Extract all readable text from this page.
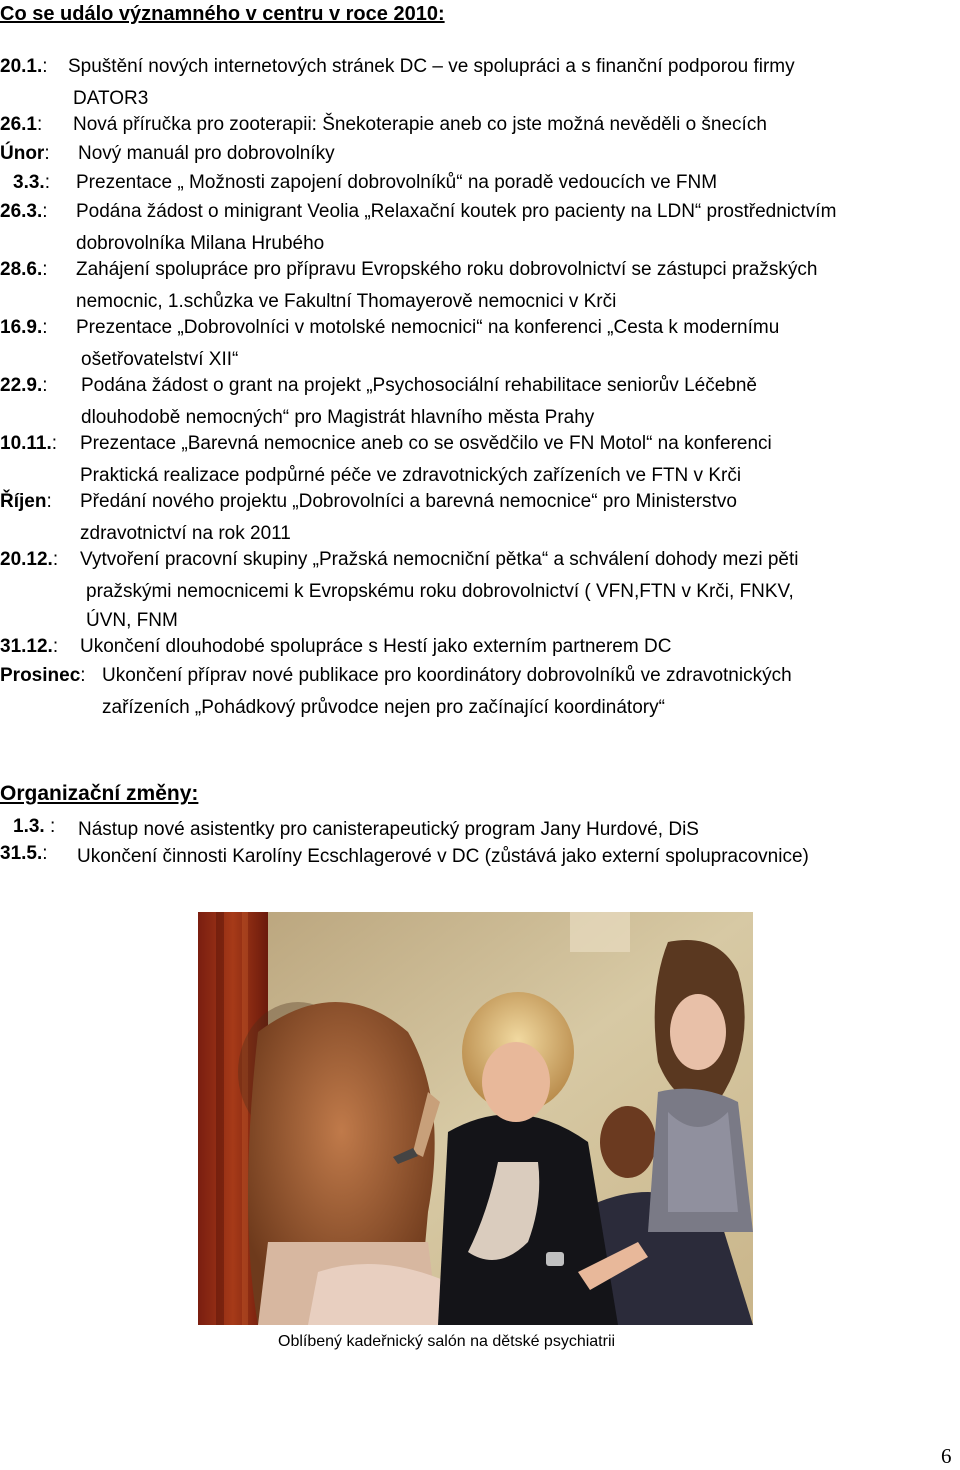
Co se událo významného v centru v roce 2010:
20.1.: Spuštění nových internetových stránek DC – ve spolupráci a s finanční podporou firmy
DATOR3
26.1: Nová příručka pro zooterapii: Šnekoterapie aneb co jste možná nevěděli o šnecích
Únor: Nový manuál pro dobrovolníky
3.3.: Prezentace „ Možnosti zapojení dobrovolníků“ na poradě vedoucích ve FNM
26.3.: Podána žádost o minigrant Veolia „Relaxační koutek pro pacienty na LDN“ prostřednictvím
dobrovolníka Milana Hrubého
28.6.: Zahájení spolupráce pro přípravu Evropského roku dobrovolnictví se zástupci pražských
nemocnic, 1.schůzka ve Fakultní Thomayerově nemocnici v Krči
16.9.: Prezentace „Dobrovolníci v motolské nemocnici“ na konferenci „Cesta k modernímu
ošetřovatelství XII“
22.9.: Podána žádost o grant na projekt „Psychosociální rehabilitace seniorův Léčebně
dlouhodobě nemocných“ pro Magistrát hlavního města Prahy
10.11.: Prezentace „Barevná nemocnice aneb co se osvědčilo ve FN Motol“ na konferenci
Praktická realizace podpůrné péče ve zdravotnických zařízeních ve FTN v Krči
Říjen: Předání nového projektu „Dobrovolníci a barevná nemocnice“ pro Ministerstvo
zdravotnictví na rok 2011
20.12.: Vytvoření pracovní skupiny „Pražská nemocniční pětka“ a schválení dohody mezi pěti
pražskými nemocnicemi k Evropskému roku dobrovolnictví ( VFN,FTN v Krči, FNKV,
ÚVN, FNM
31.12.: Ukončení dlouhodobé spolupráce s Hestí jako externím partnerem DC
Prosinec: Ukončení příprav nové publikace pro koordinátory dobrovolníků ve zdravotnických
zařízeních „Pohádkový průvodce nejen pro začínající koordinátory“
Organizační změny:
1.3. : Nástup nové asistentky pro canisterapeutický program Jany Hurdové, DiS
31.5.: Ukončení činnosti Karolíny Ecschlagerové v DC (zůstává jako externí spolupracovnice)
Oblíbený kadeřnický salón na dětské psychiatrii
6
